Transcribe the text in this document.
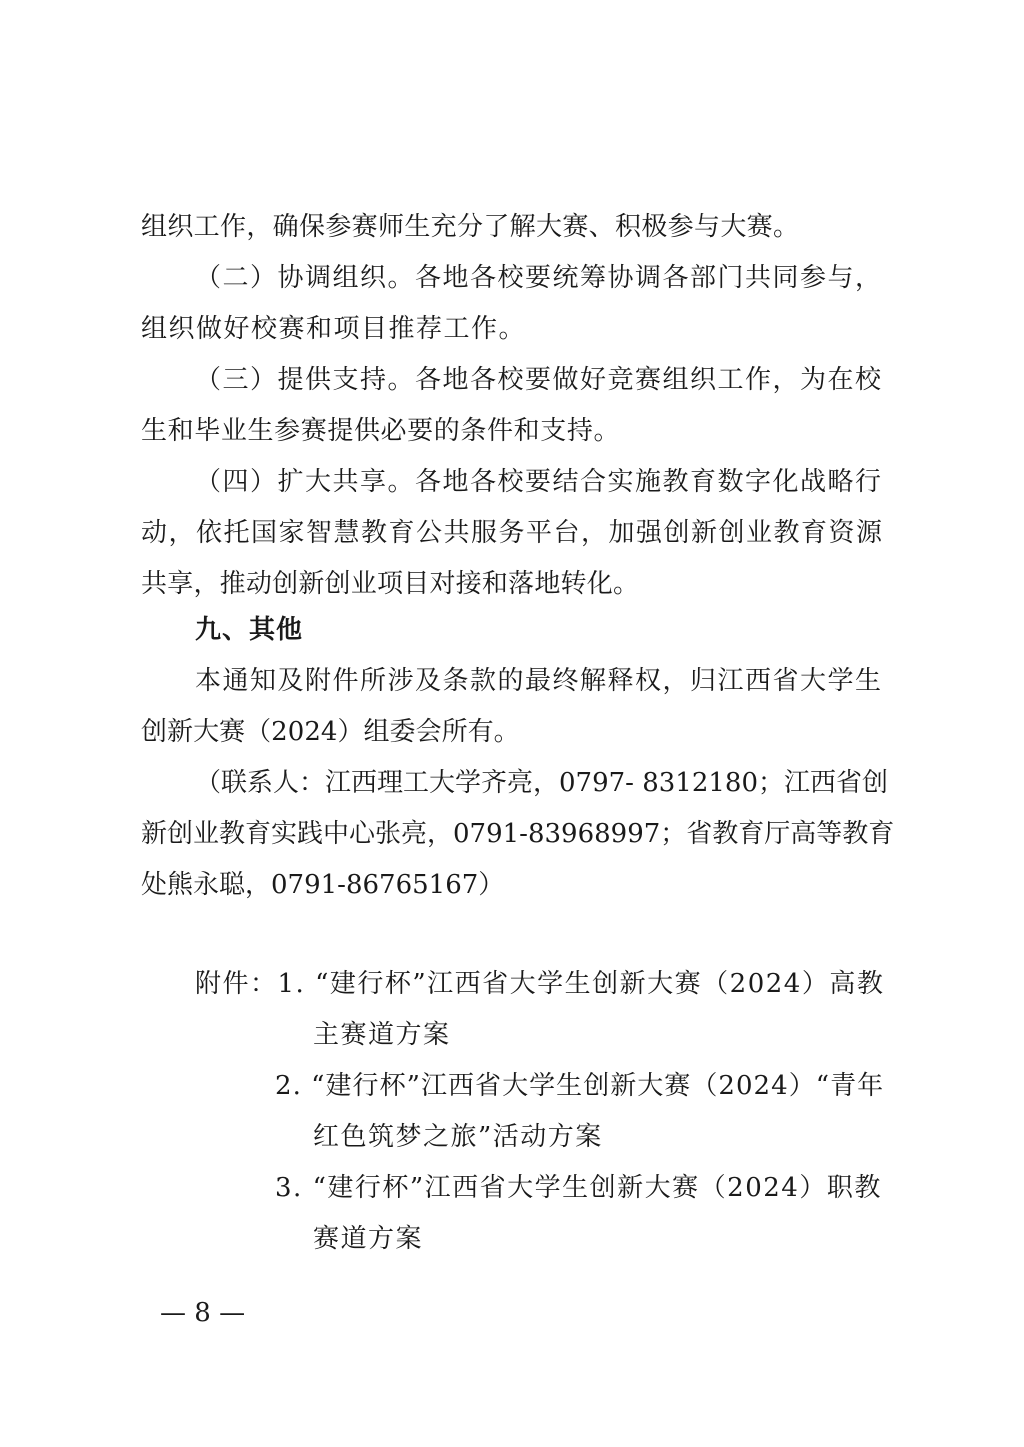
组织工作，确保参赛师生充分了解大赛、积极参与大赛。
（二）协调组织。各地各校要统筹协调各部门共同参与，
组织做好校赛和项目推荐工作。
（三）提供支持。各地各校要做好竞赛组织工作，为在校
生和毕业生参赛提供必要的条件和支持。
（四）扩大共享。各地各校要结合实施教育数字化战略行
动，依托国家智慧教育公共服务平台，加强创新创业教育资源
共享，推动创新创业项目对接和落地转化。
九、其他
本通知及附件所涉及条款的最终解释权，归江西省大学生
创新大赛（2024）组委会所有。
（联系人：江西理工大学齐亮，0797- 8312180；江西省创
新创业教育实践中心张亮，0791-83968997；省教育厅高等教育
处熊永聪，0791-86765167）
附件：1. “建行杯”江西省大学生创新大赛（2024）高教
主赛道方案
2. “建行杯”江西省大学生创新大赛（2024）“青年
红色筑梦之旅”活动方案
3. “建行杯”江西省大学生创新大赛（2024）职教
赛道方案
— 8 —
